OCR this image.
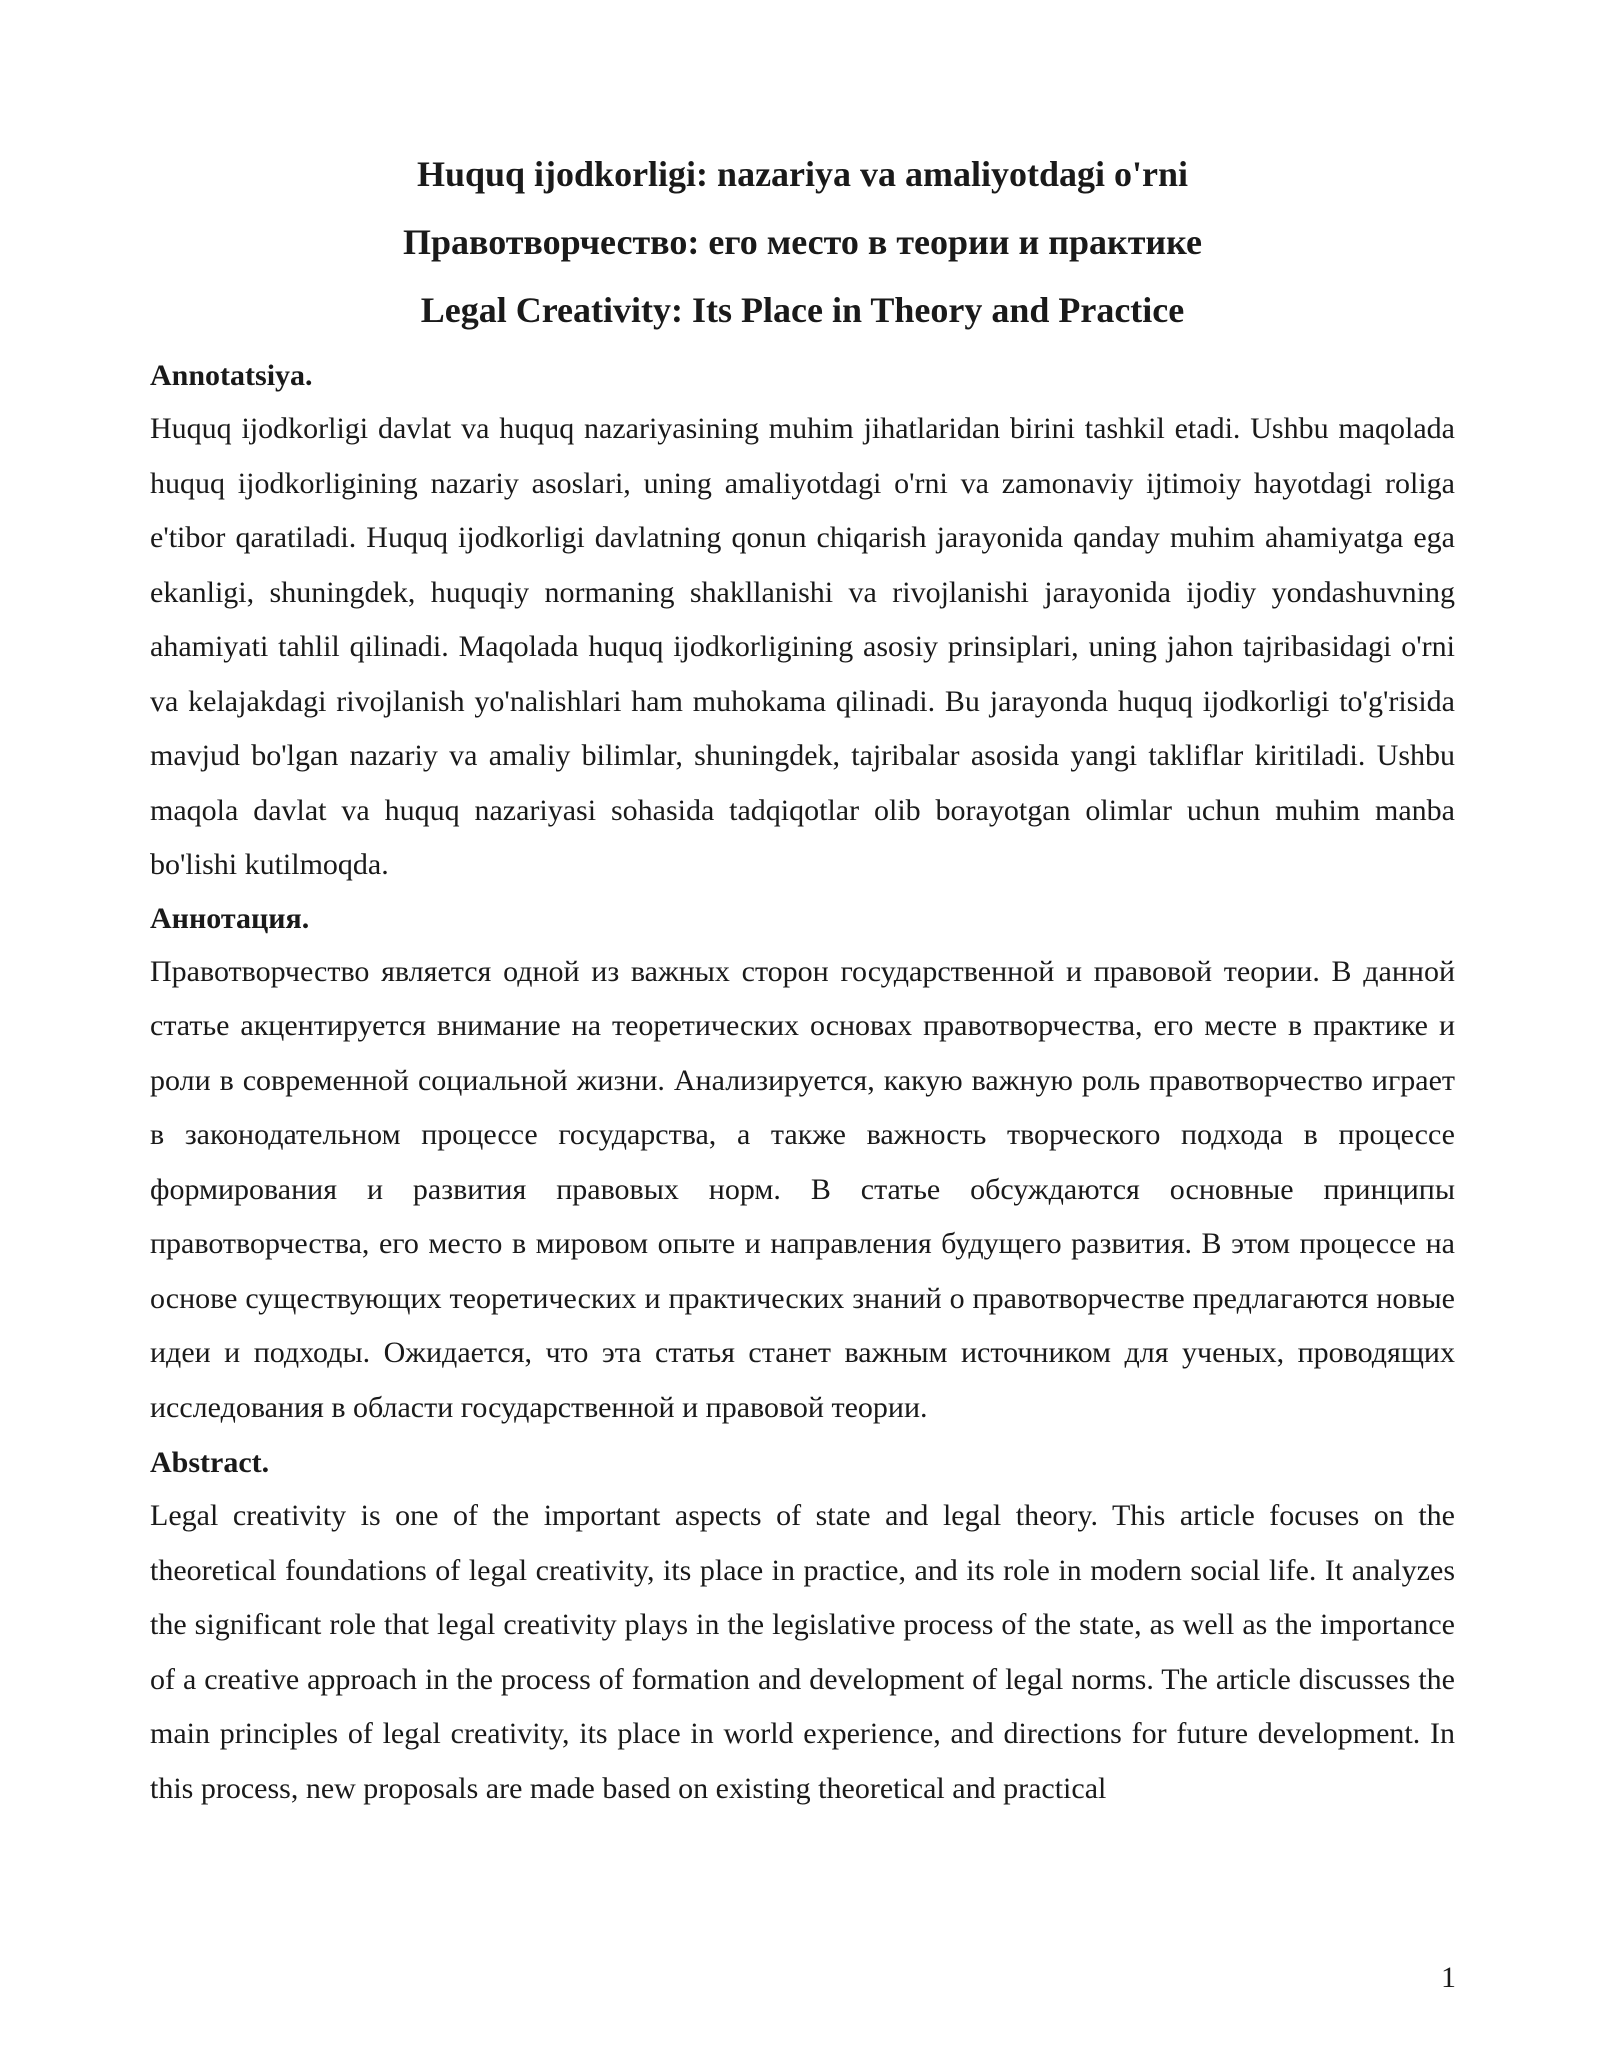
Huquq ijodkorligi: nazariya va amaliyotdagi o'rni
Правотворчество: его место в теории и практике
Legal Creativity: Its Place in Theory and Practice

Annotatsiya.

Huquq ijodkorligi davlat va huquq nazariyasining muhim jihatlaridan birini tashkil etadi. Ushbu maqolada huquq ijodkorligining nazariy asoslari, uning amaliyotdagi o'rni va zamonaviy ijtimoiy hayotdagi roliga e'tibor qaratiladi. Huquq ijodkorligi davlatning qonun chiqarish jarayonida qanday muhim ahamiyatga ega ekanligi, shuningdek, huquqiy normaning shakllanishi va rivojlanishi jarayonida ijodiy yondashuvning ahamiyati tahlil qilinadi. Maqolada huquq ijodkorligining asosiy prinsiplari, uning jahon tajribasidagi o'rni va kelajakdagi rivojlanish yo'nalishlari ham muhokama qilinadi. Bu jarayonda huquq ijodkorligi to'g'risida mavjud bo'lgan nazariy va amaliy bilimlar, shuningdek, tajribalar asosida yangi takliflar kiritiladi. Ushbu maqola davlat va huquq nazariyasi sohasida tadqiqotlar olib borayotgan olimlar uchun muhim manba bo'lishi kutilmoqda.

Аннотация.

Правотворчество является одной из важных сторон государственной и правовой теории. В данной статье акцентируется внимание на теоретических основах правотворчества, его месте в практике и роли в современной социальной жизни. Анализируется, какую важную роль правотворчество играет в законодательном процессе государства, а также важность творческого подхода в процессе формирования и развития правовых норм. В статье обсуждаются основные принципы правотворчества, его место в мировом опыте и направления будущего развития. В этом процессе на основе существующих теоретических и практических знаний о правотворчестве предлагаются новые идеи и подходы. Ожидается, что эта статья станет важным источником для ученых, проводящих исследования в области государственной и правовой теории.

Abstract.

Legal creativity is one of the important aspects of state and legal theory. This article focuses on the theoretical foundations of legal creativity, its place in practice, and its role in modern social life. It analyzes the significant role that legal creativity plays in the legislative process of the state, as well as the importance of a creative approach in the process of formation and development of legal norms. The article discusses the main principles of legal creativity, its place in world experience, and directions for future development. In this process, new proposals are made based on existing theoretical and practical

1
